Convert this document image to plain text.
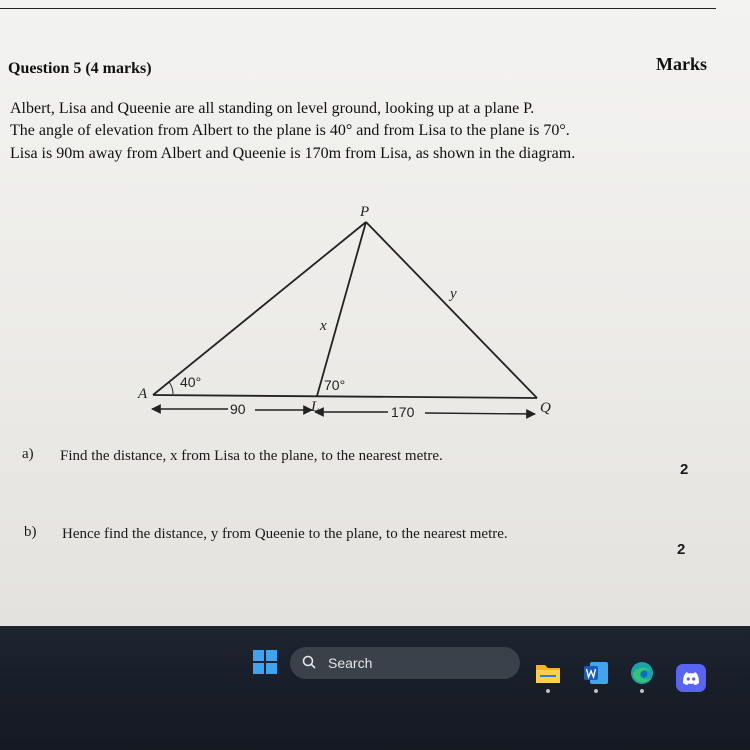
Question 5 (4 marks)	Marks
Albert, Lisa and Queenie are all standing on level ground, looking up at a plane P.
The angle of elevation from Albert to the plane is 40° and from Lisa to the plane is 70°.
Lisa is 90m away from Albert and Queenie is 170m from Lisa, as shown in the diagram.
P
A
L	Q
x
y
40°	70°
90	170
a) Find the distance, x from Lisa to the plane, to the nearest metre.
2
b) Hence find the distance, y from Queenie to the plane, to the nearest metre.
2
Search
